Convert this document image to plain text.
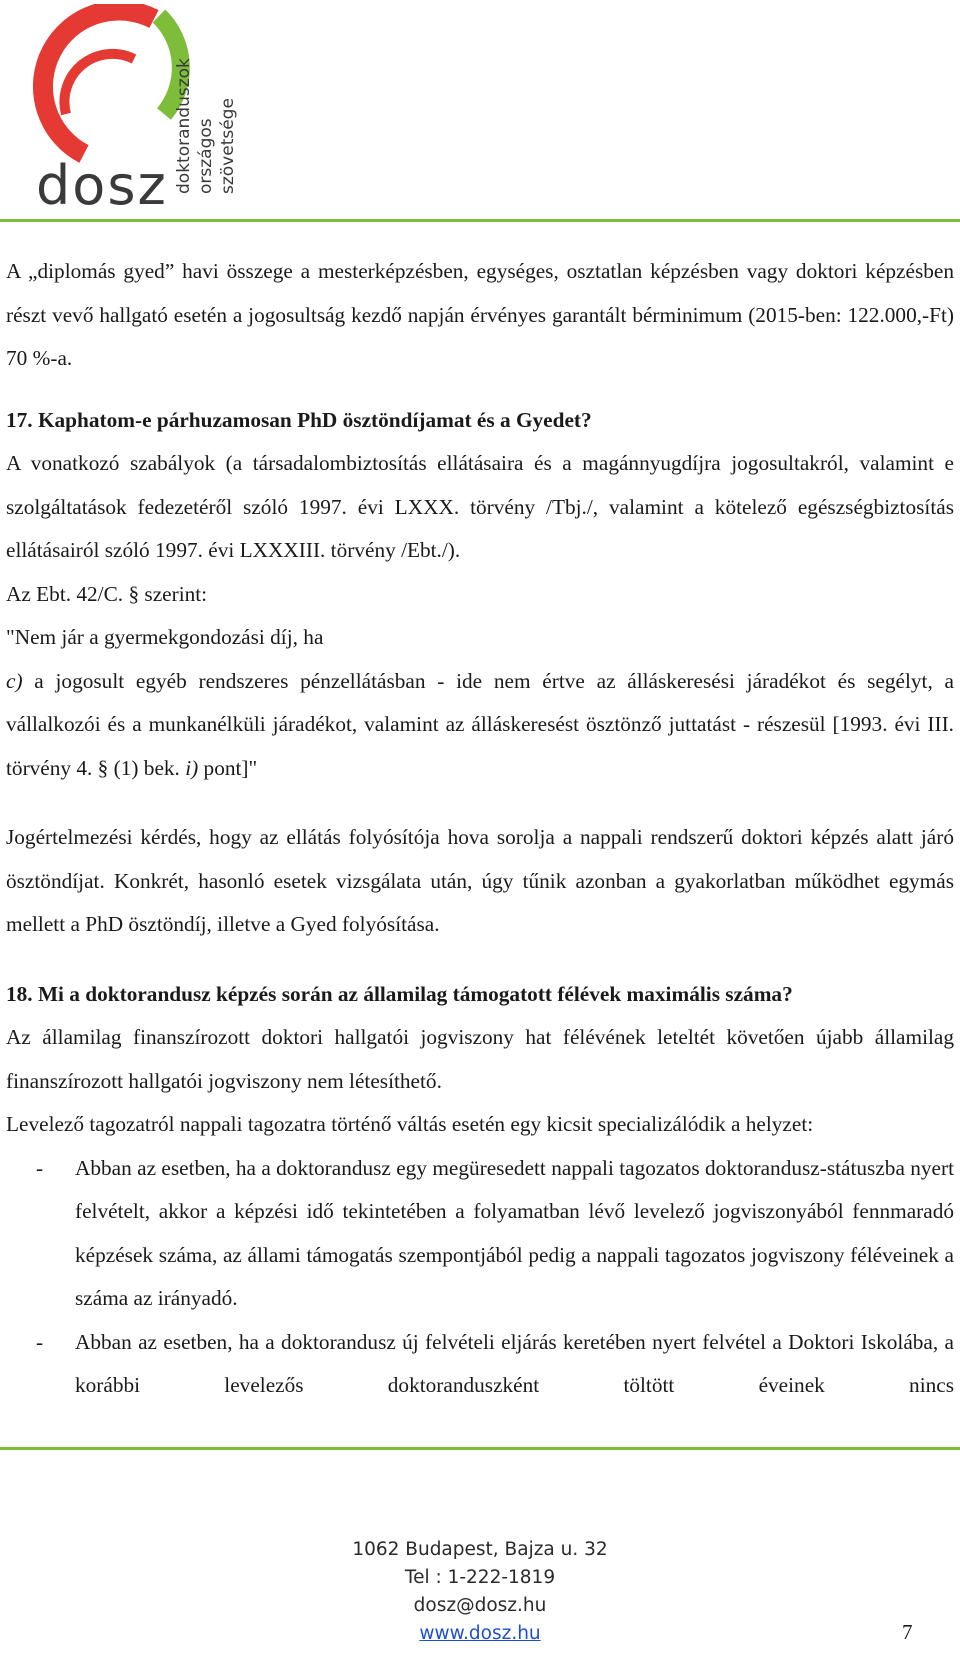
dosz doktoranduszok országos szövetsége

A „diplomás gyed” havi összege a mesterképzésben, egységes, osztatlan képzésben vagy doktori képzésben részt vevő hallgató esetén a jogosultság kezdő napján érvényes garantált bérminimum (2015-ben: 122.000,-Ft) 70 %-a.

17. Kaphatom-e párhuzamosan PhD ösztöndíjamat és a Gyedet?

A vonatkozó szabályok (a társadalombiztosítás ellátásaira és a magánnyugdíjra jogosultakról, valamint e szolgáltatások fedezetéről szóló 1997. évi LXXX. törvény /Tbj./, valamint a kötelező egészségbiztosítás ellátásairól szóló 1997. évi LXXXIII. törvény /Ebt./).

Az Ebt. 42/C. § szerint:

"Nem jár a gyermekgondozási díj, ha

c) a jogosult egyéb rendszeres pénzellátásban - ide nem értve az álláskeresési járadékot és segélyt, a vállalkozói és a munkanélküli járadékot, valamint az álláskeresést ösztönző juttatást - részesül [1993. évi III. törvény 4. § (1) bek. i) pont]"

Jogértelmezési kérdés, hogy az ellátás folyósítója hova sorolja a nappali rendszerű doktori képzés alatt járó ösztöndíjat. Konkrét, hasonló esetek vizsgálata után, úgy tűnik azonban a gyakorlatban működhet egymás mellett a PhD ösztöndíj, illetve a Gyed folyósítása.

18. Mi a doktorandusz képzés során az államilag támogatott félévek maximális száma?

Az államilag finanszírozott doktori hallgatói jogviszony hat félévének leteltét követően újabb államilag finanszírozott hallgatói jogviszony nem létesíthető.

Levelező tagozatról nappali tagozatra történő váltás esetén egy kicsit specializálódik a helyzet:

- Abban az esetben, ha a doktorandusz egy megüresedett nappali tagozatos doktorandusz-státuszba nyert felvételt, akkor a képzési idő tekintetében a folyamatban lévő levelező jogviszonyából fennmaradó képzések száma, az állami támogatás szempontjából pedig a nappali tagozatos jogviszony féléveinek a száma az irányadó.
- Abban az esetben, ha a doktorandusz új felvételi eljárás keretében nyert felvétel a Doktori Iskolába, a korábbi levelezős doktoranduszként töltött éveinek nincs
1062 Budapest, Bajza u. 32
Tel : 1-222-1819
dosz@dosz.hu
www.dosz.hu	7
